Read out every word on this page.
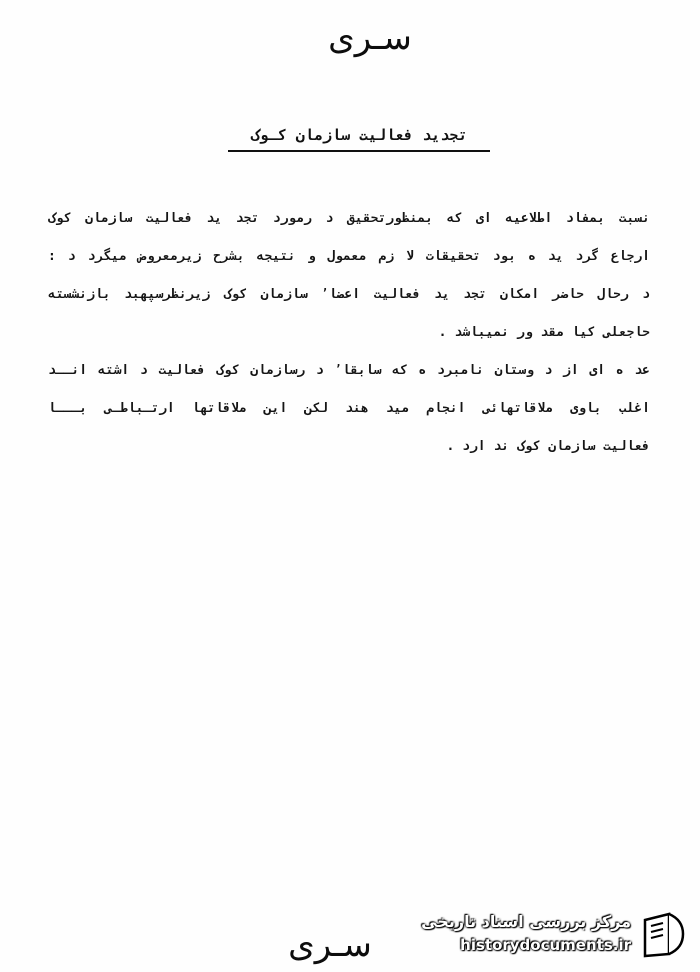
سـرى
تجدید فعالیت سازمان کـوک
نسبت بمفاد اطلاعیه ای که بمنظورتحقیق د رمورد تجد ید فعالیت سازمان کوک
ارجاع گرد ید ه بود تحقیقات لا زم معمول و نتیجه بشرح زیرمعروض میگرد د :
د رحال حاضر امکان تجد ید فعالیت اعضا٬ سازمان کوک زیرنظرسپهبد بازنشسته
حاجعلی کیا مقد ور نمیباشد .
عد ه ای از د وستان نامبرد ه که سابقا٬ د رسازمان کوک فعالیت د اشته انــد
اغلب باوی ملاقاتهائی انجام مید هند لکن این ملاقاتها ارتـباطـی بـــا
فعالیت سازمان کوک ند ارد .
سـرى
مرکز بررسی اسناد تاریخی
historydocuments.ir
